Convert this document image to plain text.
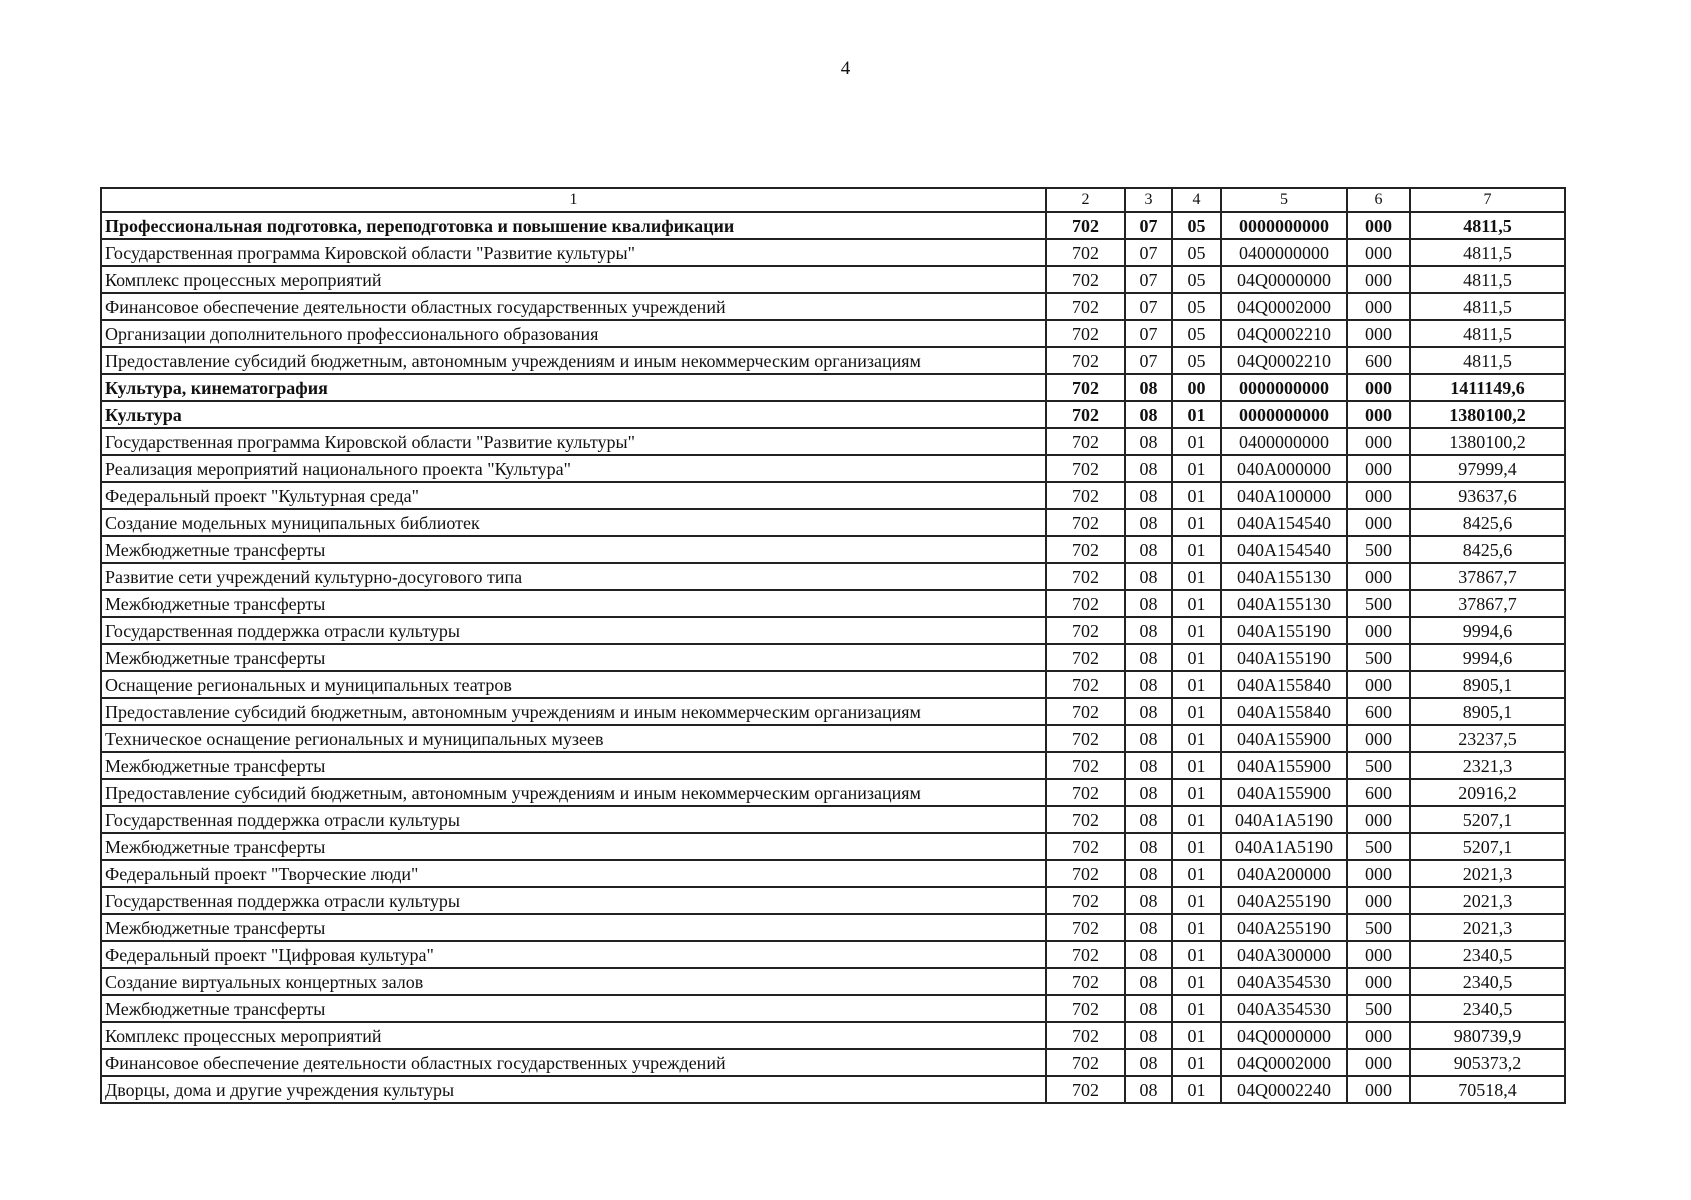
4
1	2	3	4	5	6	7
Профессиональная подготовка, переподготовка и повышение квалификации	702	07	05	0000000000	000	4811,5
Государственная программа Кировской области "Развитие культуры"	702	07	05	0400000000	000	4811,5
Комплекс процессных мероприятий	702	07	05	04Q0000000	000	4811,5
Финансовое обеспечение деятельности областных государственных учреждений	702	07	05	04Q0002000	000	4811,5
Организации дополнительного профессионального образования	702	07	05	04Q0002210	000	4811,5
Предоставление субсидий бюджетным, автономным учреждениям и иным некоммерческим организациям	702	07	05	04Q0002210	600	4811,5
Культура, кинематография	702	08	00	0000000000	000	1411149,6
Культура	702	08	01	0000000000	000	1380100,2
Государственная программа Кировской области "Развитие культуры"	702	08	01	0400000000	000	1380100,2
Реализация мероприятий национального проекта "Культура"	702	08	01	040A000000	000	97999,4
Федеральный проект "Культурная среда"	702	08	01	040A100000	000	93637,6
Создание модельных муниципальных библиотек	702	08	01	040A154540	000	8425,6
Межбюджетные трансферты	702	08	01	040A154540	500	8425,6
Развитие сети учреждений культурно-досугового типа	702	08	01	040A155130	000	37867,7
Межбюджетные трансферты	702	08	01	040A155130	500	37867,7
Государственная поддержка отрасли культуры	702	08	01	040A155190	000	9994,6
Межбюджетные трансферты	702	08	01	040A155190	500	9994,6
Оснащение региональных и муниципальных театров	702	08	01	040A155840	000	8905,1
Предоставление субсидий бюджетным, автономным учреждениям и иным некоммерческим организациям	702	08	01	040A155840	600	8905,1
Техническое оснащение региональных и муниципальных музеев	702	08	01	040A155900	000	23237,5
Межбюджетные трансферты	702	08	01	040A155900	500	2321,3
Предоставление субсидий бюджетным, автономным учреждениям и иным некоммерческим организациям	702	08	01	040A155900	600	20916,2
Государственная поддержка отрасли культуры	702	08	01	040A1A5190	000	5207,1
Межбюджетные трансферты	702	08	01	040A1A5190	500	5207,1
Федеральный проект "Творческие люди"	702	08	01	040A200000	000	2021,3
Государственная поддержка отрасли культуры	702	08	01	040A255190	000	2021,3
Межбюджетные трансферты	702	08	01	040A255190	500	2021,3
Федеральный проект "Цифровая культура"	702	08	01	040A300000	000	2340,5
Создание виртуальных концертных залов	702	08	01	040A354530	000	2340,5
Межбюджетные трансферты	702	08	01	040A354530	500	2340,5
Комплекс процессных мероприятий	702	08	01	04Q0000000	000	980739,9
Финансовое обеспечение деятельности областных государственных учреждений	702	08	01	04Q0002000	000	905373,2
Дворцы, дома и другие учреждения культуры	702	08	01	04Q0002240	000	70518,4
